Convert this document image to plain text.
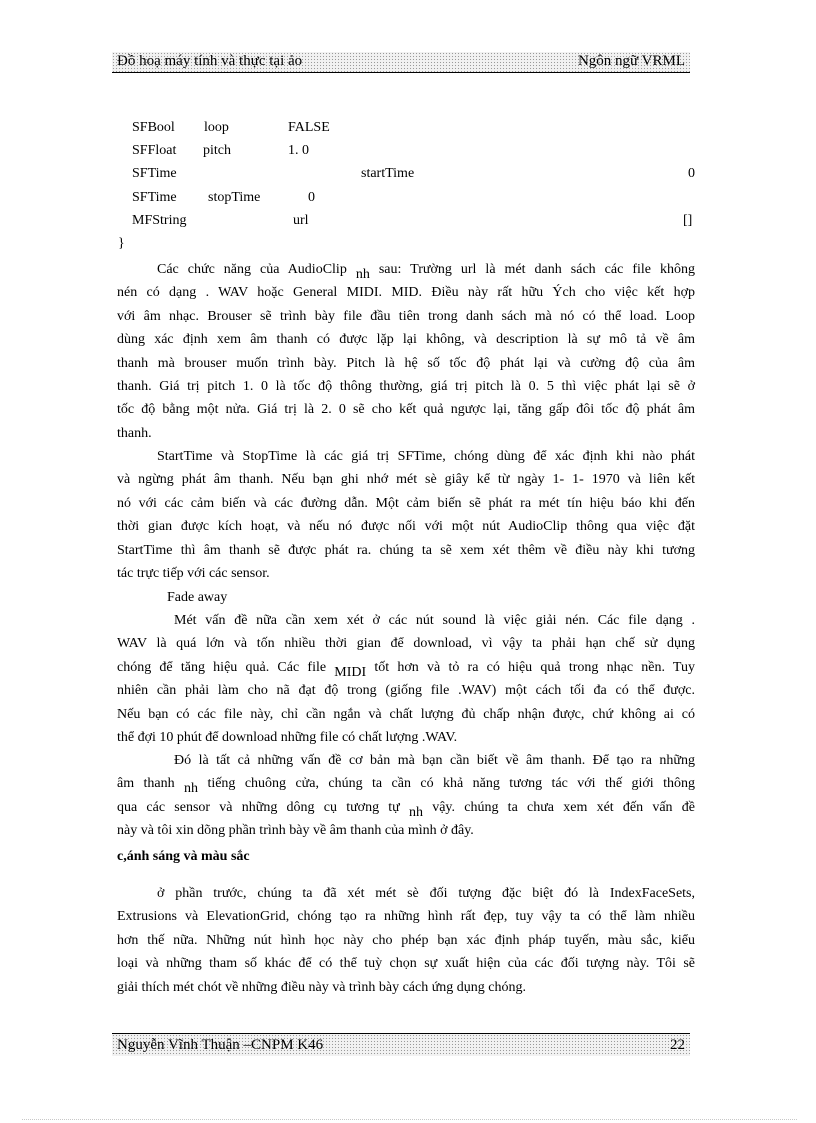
Đồ hoạ máy tính và thực tại ảo	Ngôn ngữ VRML
SFBool loop	FALSE
SFFloat pitch	1. 0
SFTime	startTime	0
SFTime stopTime	0
MFString	url	[]
}
Các chức năng của AudioClip nh sau: Trường url là mét danh sách các file không
nén có dạng . WAV hoặc General MIDI. MID. Điều này rất hữu Ých cho việc kết hợp
với âm nhạc. Brouser sẽ trình bày file đầu tiên trong danh sách mà nó có thể load. Loop
dùng xác định xem âm thanh có được lặp lại không, và description là sự mô tả về âm
thanh mà brouser muốn trình bày. Pitch là hệ số tốc độ phát lại và cường độ của âm
thanh. Giá trị pitch 1. 0 là tốc độ thông thường, giá trị pitch là 0. 5 thì việc phát lại sẽ ở
tốc độ bằng một nửa. Giá trị là 2. 0 sẽ cho kết quả ngược lại, tăng gấp đôi tốc độ phát âm
thanh.
StartTime và StopTime là các giá trị SFTime, chóng dùng để xác định khi nào phát
và ngừng phát âm thanh. Nếu bạn ghi nhớ mét sè giây kể từ ngày 1- 1- 1970 và liên kết
nó với các cảm biến và các đường dẫn. Một cảm biến sẽ phát ra mét tín hiệu báo khi đến
thời gian được kích hoạt, và nếu nó được nối với một nút AudioClip thông qua việc đặt
StartTime thì âm thanh sẽ được phát ra. chúng ta sẽ xem xét thêm về điều này khi tương
tác trực tiếp với các sensor.
Fade away
Mét vấn đề nữa cần xem xét ở các nút sound là việc giải nén. Các file dạng .
WAV là quá lớn và tốn nhiều thời gian để download, vì vậy ta phải hạn chế sử dụng
chóng để tăng hiệu quả. Các file MIDI tốt hơn và tỏ ra có hiệu quả trong nhạc nền. Tuy
nhiên cần phải làm cho nã đạt độ trong (giống file .WAV) một cách tối đa có thể được.
Nếu bạn có các file này, chỉ cần ngắn và chất lượng đủ chấp nhận được, chứ không ai có
thể đợi 10 phút để download những file có chất lượng .WAV.
Đó là tất cả những vấn đề cơ bản mà bạn cần biết về âm thanh. Để tạo ra những
âm thanh nh tiếng chuông cửa, chúng ta cần có khả năng tương tác với thế giới thông
qua các sensor và những dông cụ tương tự nh vậy. chúng ta chưa xem xét đến vấn đề
này và tôi xin dõng phần trình bày về âm thanh của mình ở đây.
c,ánh sáng và màu sắc
ở phần trước, chúng ta đã xét mét sè đối tượng đặc biệt đó là IndexFaceSets,
Extrusions và ElevationGrid, chóng tạo ra những hình rất đẹp, tuy vậy ta có thể làm nhiều
hơn thế nữa. Những nút hình học này cho phép bạn xác định pháp tuyến, màu sắc, kiểu
loại và những tham số khác để có thể tuỳ chọn sự xuất hiện của các đối tượng này. Tôi sẽ
giải thích mét chót về những điều này và trình bày cách ứng dụng chóng.
Nguyễn Vĩnh Thuận –CNPM K46	22
